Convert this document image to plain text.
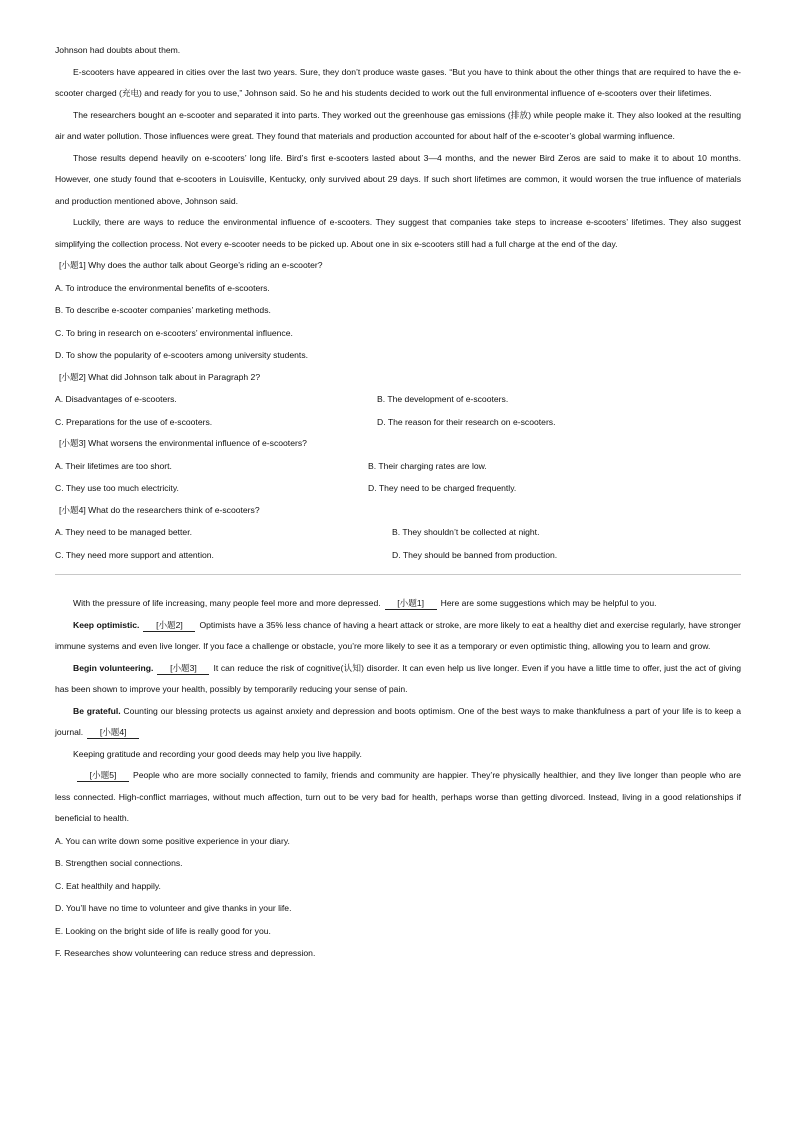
Johnson had doubts about them.

E-scooters have appeared in cities over the last two years. Sure, they don’t produce waste gases. “But you have to think about the other things that are required to have the e-scooter charged (充电) and ready for you to use,” Johnson said. So he and his students decided to work out the full environmental influence of e-scooters over their lifetimes.

The researchers bought an e-scooter and separated it into parts. They worked out the greenhouse gas emissions (排放) while people make it. They also looked at the resulting air and water pollution. Those influences were great. They found that materials and production accounted for about half of the e-scooter’s global warming influence.

Those results depend heavily on e-scooters’ long life. Bird’s first e-scooters lasted about 3—4 months, and the newer Bird Zeros are said to make it to about 10 months. However, one study found that e-scooters in Louisville, Kentucky, only survived about 29 days. If such short lifetimes are common, it would worsen the true influence of materials and production mentioned above, Johnson said.

Luckily, there are ways to reduce the environmental influence of e-scooters. They suggest that companies take steps to increase e-scooters’ lifetimes. They also suggest simplifying the collection process. Not every e-scooter needs to be picked up. About one in six e-scooters still had a full charge at the end of the day.

[小题1] Why does the author talk about George’s riding an e-scooter?

A. To introduce the environmental benefits of e-scooters.

B. To describe e-scooter companies’ marketing methods.

C. To bring in research on e-scooters’ environmental influence.

D. To show the popularity of e-scooters among university students.

[小题2] What did Johnson talk about in Paragraph 2?

A. Disadvantages of e-scooters.	B. The development of e-scooters.
C. Preparations for the use of e-scooters.	D. The reason for their research on e-scooters.

[小题3] What worsens the environmental influence of e-scooters?

A. Their lifetimes are too short.	B. Their charging rates are low.
C. They use too much electricity.	D. They need to be charged frequently.

[小题4] What do the researchers think of e-scooters?

A. They need to be managed better.	B. They shouldn’t be collected at night.
C. They need more support and attention.	D. They should be banned from production.

With the pressure of life increasing, many people feel more and more depressed. [小题1] Here are some suggestions which may be helpful to you.

Keep optimistic. [小题2] Optimists have a 35% less chance of having a heart attack or stroke, are more likely to eat a healthy diet and exercise regularly, have stronger immune systems and even live longer. If you face a challenge or obstacle, you’re more likely to see it as a temporary or even optimistic thing, allowing you to learn and grow.

Begin volunteering. [小题3] It can reduce the risk of cognitive(认知) disorder. It can even help us live longer. Even if you have a little time to offer, just the act of giving has been shown to improve your health, possibly by temporarily reducing your sense of pain.

Be grateful. Counting our blessing protects us against anxiety and depression and boots optimism. One of the best ways to make thankfulness a part of your life is to keep a journal. [小题4]

Keeping gratitude and recording your good deeds may help you live happily.

[小题5] People who are more socially connected to family, friends and community are happier. They’re physically healthier, and they live longer than people who are less connected. High-conflict marriages, without much affection, turn out to be very bad for health, perhaps worse than getting divorced. Instead, living in a good relationships if beneficial to health.

A. You can write down some positive experience in your diary.

B. Strengthen social connections.

C. Eat healthily and happily.

D. You’ll have no time to volunteer and give thanks in your life.

E. Looking on the bright side of life is really good for you.

F. Researches show volunteering can reduce stress and depression.
